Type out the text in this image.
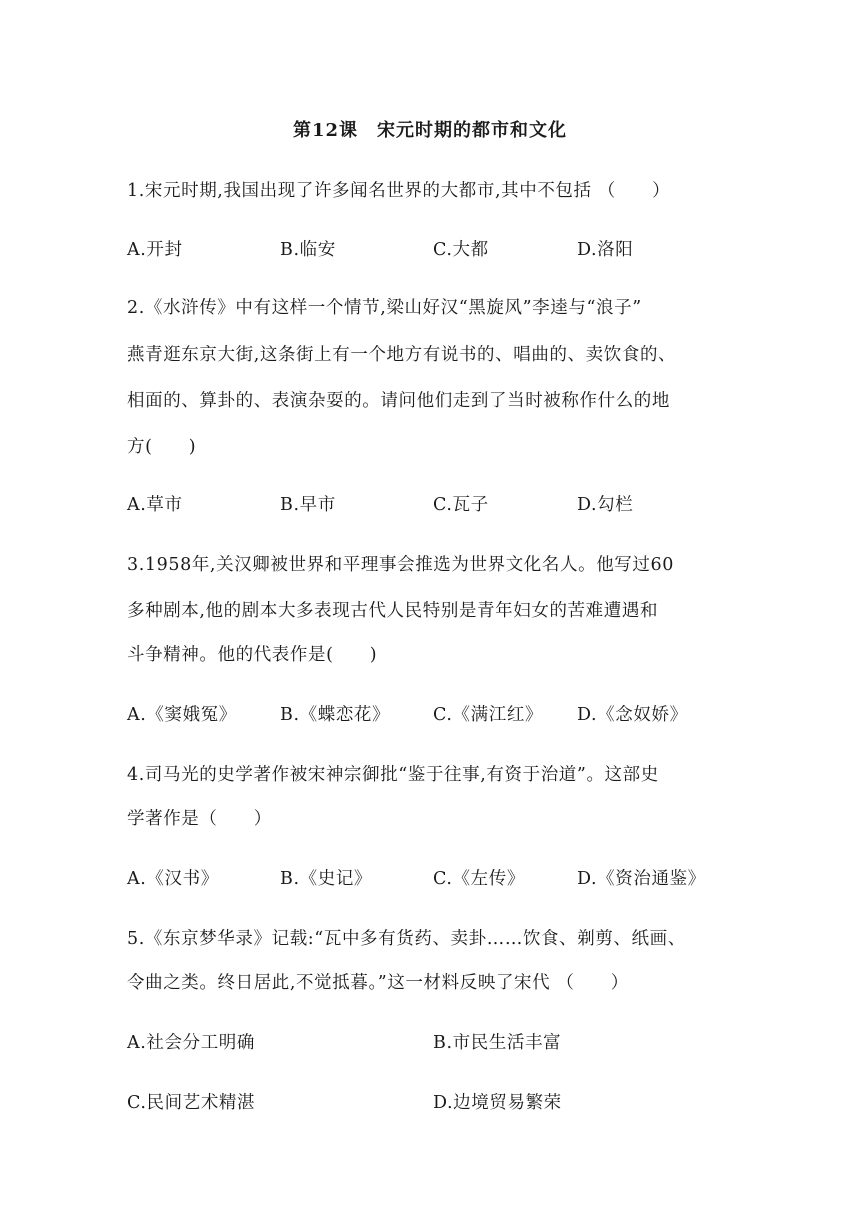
第12课　宋元时期的都市和文化
1.宋元时期,我国出现了许多闻名世界的大都市,其中不包括 （　　）
A.开封	B.临安	C.大都	D.洛阳
2.《水浒传》中有这样一个情节,梁山好汉“黑旋风”李逵与“浪子”
燕青逛东京大街,这条街上有一个地方有说书的、唱曲的、卖饮食的、
相面的、算卦的、表演杂耍的。请问他们走到了当时被称作什么的地
方(　　)
A.草市	B.早市	C.瓦子	D.勾栏
3.1958年,关汉卿被世界和平理事会推选为世界文化名人。他写过60
多种剧本,他的剧本大多表现古代人民特别是青年妇女的苦难遭遇和
斗争精神。他的代表作是(　　)
A.《窦娥冤》 B.《蝶恋花》 C.《满江红》 D.《念奴娇》
4.司马光的史学著作被宋神宗御批“鉴于往事,有资于治道”。这部史
学著作是（　　）
A.《汉书》	B.《史记》	C.《左传》	D.《资治通鉴》
5.《东京梦华录》记载:“瓦中多有货药、卖卦……饮食、剃剪、纸画、
令曲之类。终日居此,不觉抵暮。”这一材料反映了宋代 （　　）
A.社会分工明确	B.市民生活丰富
C.民间艺术精湛	D.边境贸易繁荣
